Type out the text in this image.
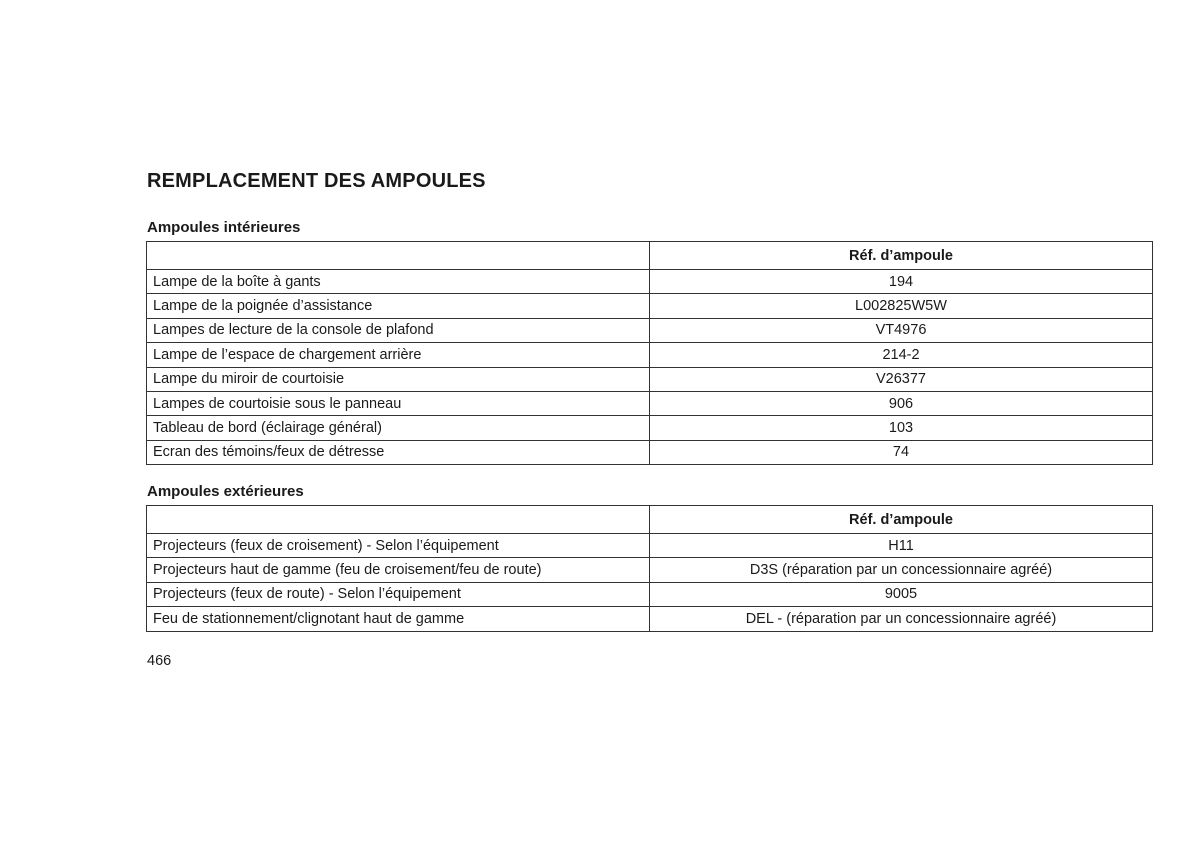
REMPLACEMENT DES AMPOULES
Ampoules intérieures
	Réf. d’ampoule
Lampe de la boîte à gants	194
Lampe de la poignée d’assistance	L002825W5W
Lampes de lecture de la console de plafond	VT4976
Lampe de l’espace de chargement arrière	214-2
Lampe du miroir de courtoisie	V26377
Lampes de courtoisie sous le panneau	906
Tableau de bord (éclairage général)	103
Ecran des témoins/feux de détresse	74
Ampoules extérieures
	Réf. d’ampoule
Projecteurs (feux de croisement) - Selon l’équipement	H11
Projecteurs haut de gamme (feu de croisement/feu de route)	D3S (réparation par un concessionnaire agréé)
Projecteurs (feux de route) - Selon l’équipement	9005
Feu de stationnement/clignotant haut de gamme	DEL - (réparation par un concessionnaire agréé)
466
